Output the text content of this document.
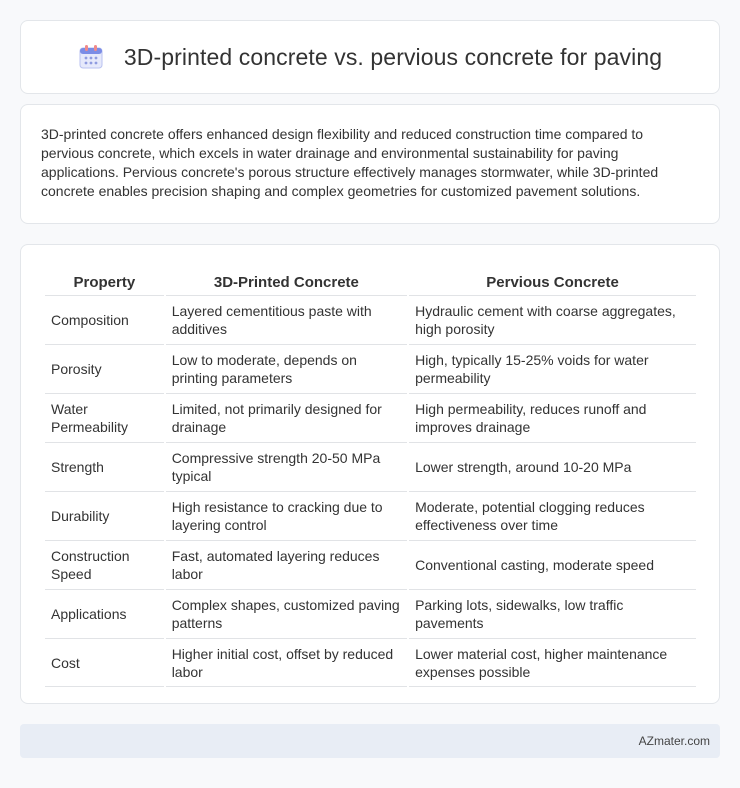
3D-printed concrete vs. pervious concrete for paving

3D-printed concrete offers enhanced design flexibility and reduced construction time compared to pervious concrete, which excels in water drainage and environmental sustainability for paving applications. Pervious concrete's porous structure effectively manages stormwater, while 3D-printed concrete enables precision shaping and complex geometries for customized pavement solutions.

Property	3D-Printed Concrete	Pervious Concrete
Composition	Layered cementitious paste with additives	Hydraulic cement with coarse aggregates, high porosity
Porosity	Low to moderate, depends on printing parameters	High, typically 15-25% voids for water permeability
Water Permeability	Limited, not primarily designed for drainage	High permeability, reduces runoff and improves drainage
Strength	Compressive strength 20-50 MPa typical	Lower strength, around 10-20 MPa
Durability	High resistance to cracking due to layering control	Moderate, potential clogging reduces effectiveness over time
Construction Speed	Fast, automated layering reduces labor	Conventional casting, moderate speed
Applications	Complex shapes, customized paving patterns	Parking lots, sidewalks, low traffic pavements
Cost	Higher initial cost, offset by reduced labor	Lower material cost, higher maintenance expenses possible
AZmater.com
